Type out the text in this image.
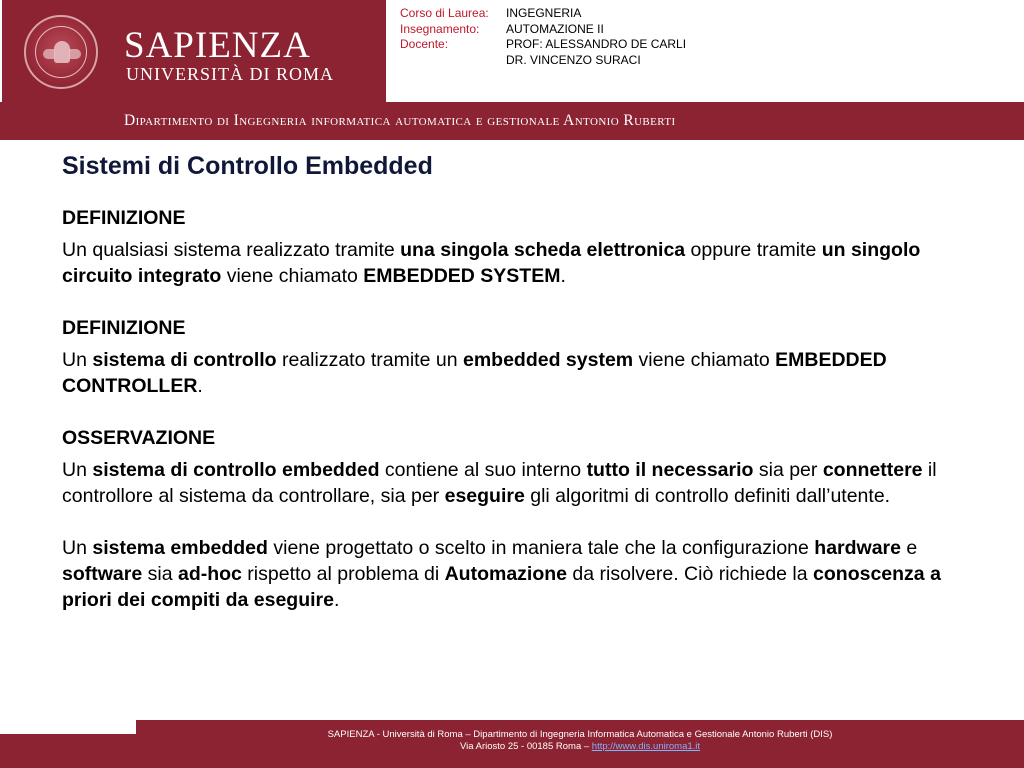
SAPIENZA
UNIVERSITÀ DI ROMA
Corso di Laurea:	INGEGNERIA
Insegnamento:	AUTOMAZIONE II
Docente:	PROF: ALESSANDRO DE CARLI
DR. VINCENZO SURACI
Dipartimento di Ingegneria informatica automatica e gestionale Antonio Ruberti
Sistemi di Controllo Embedded
DEFINIZIONE

Un qualsiasi sistema realizzato tramite una singola scheda elettronica oppure tramite un singolo circuito integrato viene chiamato EMBEDDED SYSTEM.

DEFINIZIONE

Un sistema di controllo realizzato tramite un embedded system viene chiamato EMBEDDED CONTROLLER.

OSSERVAZIONE

Un sistema di controllo embedded contiene al suo interno tutto il necessario sia per connettere il controllore al sistema da controllare, sia per eseguire gli algoritmi di controllo definiti dall’utente.

Un sistema embedded viene progettato o scelto in maniera tale che la configurazione hardware e software sia ad-hoc rispetto al problema di Automazione da risolvere. Ciò richiede la conoscenza a priori dei compiti da eseguire.

SAPIENZA - Università di Roma – Dipartimento di Ingegneria Informatica Automatica e Gestionale Antonio Ruberti (DIS)
Via Ariosto 25 - 00185 Roma – http://www.dis.uniroma1.it
